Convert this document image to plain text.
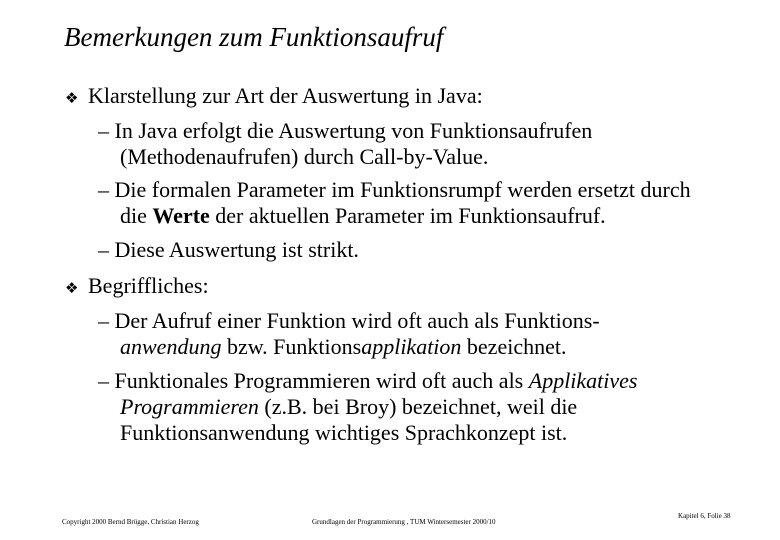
Bemerkungen zum Funktionsaufruf
❖ Klarstellung zur Art der Auswertung in Java:
– In Java erfolgt die Auswertung von Funktionsaufrufen
(Methodenaufrufen) durch Call-by-Value.
– Die formalen Parameter im Funktionsrumpf werden ersetzt durch
die Werte der aktuellen Parameter im Funktionsaufruf.
– Diese Auswertung ist strikt.
❖ Begriffliches:
– Der Aufruf einer Funktion wird oft auch als Funktions-
anwendung bzw. Funktionsapplikation bezeichnet.
– Funktionales Programmieren wird oft auch als Applikatives
Programmieren (z.B. bei Broy) bezeichnet, weil die
Funktionsanwendung wichtiges Sprachkonzept ist.
Copyright 2000 Bernd Brügge, Christian Herzog	Grundlagen der Programmierung , TUM Wintersemester 2000/10
Kapitel 6, Folie 38
